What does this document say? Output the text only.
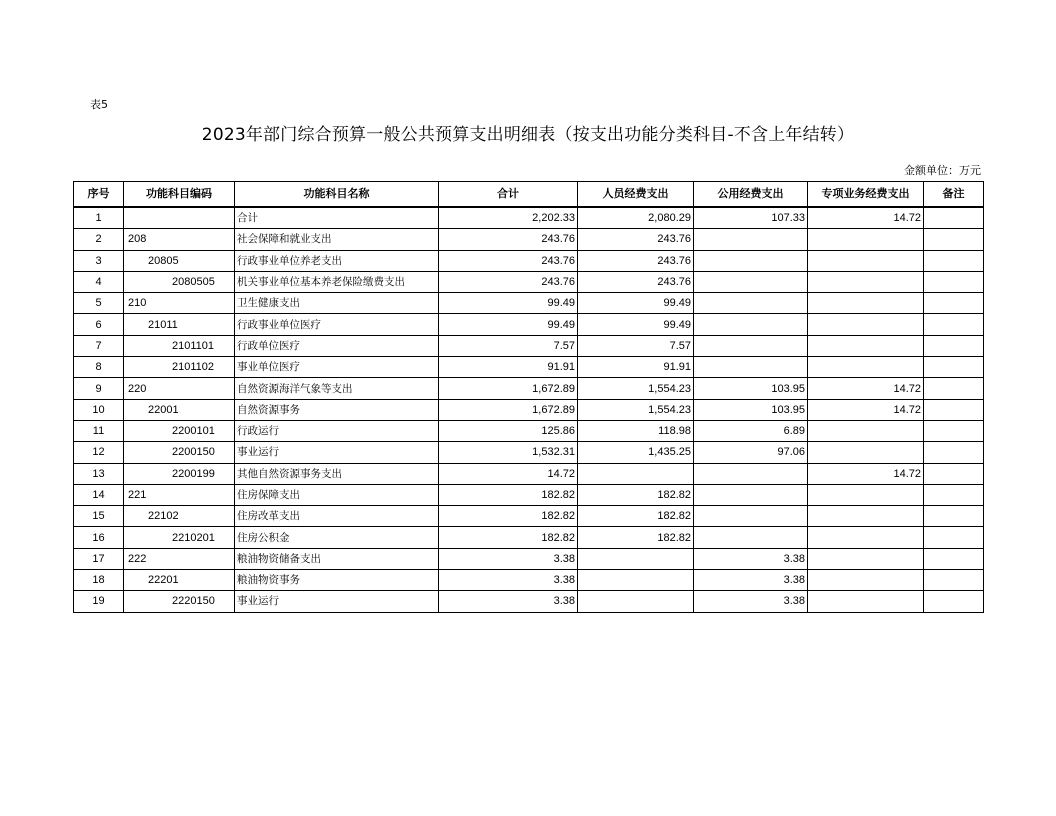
表5
2023年部门综合预算一般公共预算支出明细表（按支出功能分类科目-不含上年结转）
金额单位：万元
序号	功能科目编码	功能科目名称	合计	人员经费支出	公用经费支出	专项业务经费支出	备注
1		合计	2,202.33	2,080.29	107.33	14.72	
2	208	社会保障和就业支出	243.76	243.76			
3	20805	行政事业单位养老支出	243.76	243.76			
4	2080505	机关事业单位基本养老保险缴费支出	243.76	243.76			
5	210	卫生健康支出	99.49	99.49			
6	21011	行政事业单位医疗	99.49	99.49			
7	2101101	行政单位医疗	7.57	7.57			
8	2101102	事业单位医疗	91.91	91.91			
9	220	自然资源海洋气象等支出	1,672.89	1,554.23	103.95	14.72	
10	22001	自然资源事务	1,672.89	1,554.23	103.95	14.72	
11	2200101	行政运行	125.86	118.98	6.89		
12	2200150	事业运行	1,532.31	1,435.25	97.06		
13	2200199	其他自然资源事务支出	14.72			14.72	
14	221	住房保障支出	182.82	182.82			
15	22102	住房改革支出	182.82	182.82			
16	2210201	住房公积金	182.82	182.82			
17	222	粮油物资储备支出	3.38		3.38		
18	22201	粮油物资事务	3.38		3.38		
19	2220150	事业运行	3.38		3.38		
